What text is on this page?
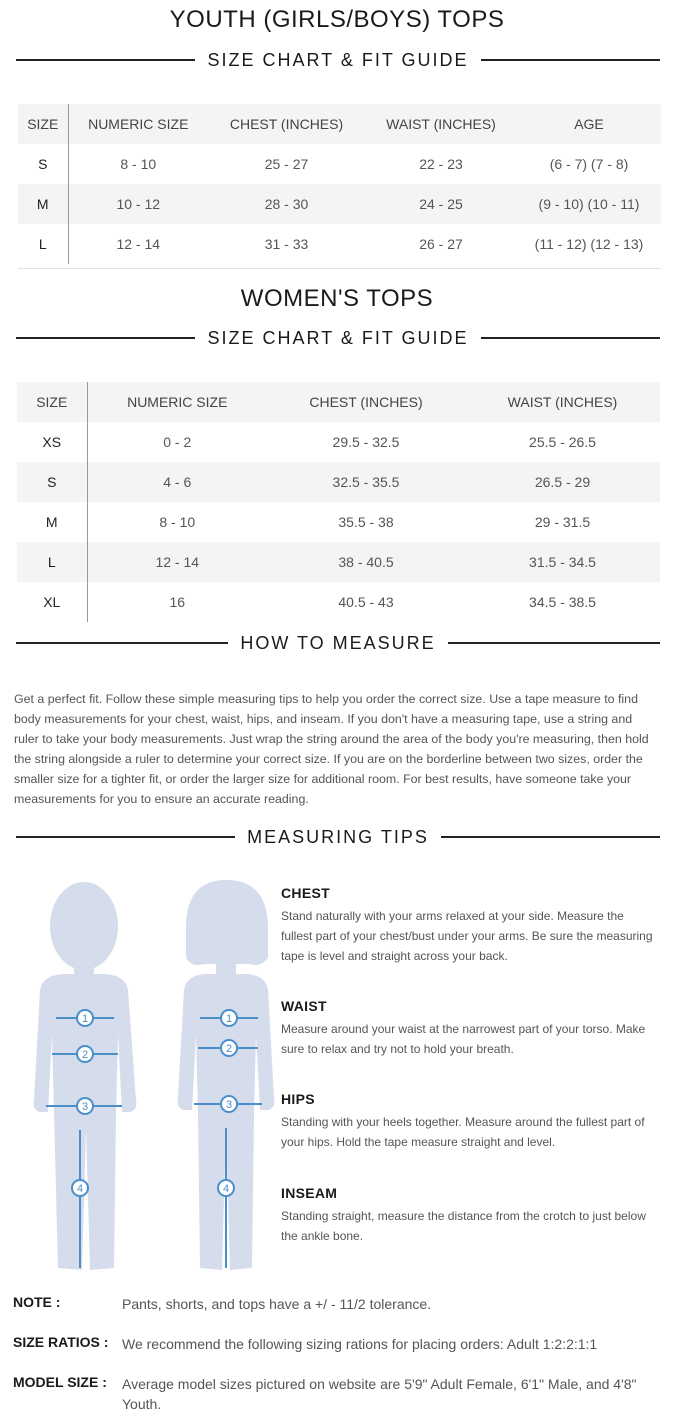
YOUTH (GIRLS/BOYS) TOPS
SIZE CHART & FIT GUIDE
SIZE	NUMERIC SIZE	CHEST (INCHES)	WAIST (INCHES)	AGE
S	8 - 10	25 - 27	22 - 23	(6 - 7) (7 - 8)
M	10 - 12	28 - 30	24 - 25	(9 - 10) (10 - 11)
L	12 - 14	31 - 33	26 - 27	(11 - 12) (12 - 13)
WOMEN'S TOPS
SIZE CHART & FIT GUIDE
SIZE	NUMERIC SIZE	CHEST (INCHES)	WAIST (INCHES)
XS	0 - 2	29.5 - 32.5	25.5 - 26.5
S	4 - 6	32.5 - 35.5	26.5 - 29
M	8 - 10	35.5 - 38	29 - 31.5
L	12 - 14	38 - 40.5	31.5 - 34.5
XL	16	40.5 - 43	34.5 - 38.5
HOW TO MEASURE
Get a perfect fit. Follow these simple measuring tips to help you order the correct size. Use a tape measure to find body measurements for your chest, waist, hips, and inseam. If you don't have a measuring tape, use a string and ruler to take your body measurements. Just wrap the string around the area of the body you're measuring, then hold the string alongside a ruler to determine your correct size. If you are on the borderline between two sizes, order the smaller size for a tighter fit, or order the larger size for additional room. For best results, have someone take your measurements for you to ensure an accurate reading.
MEASURING TIPS
1
2
3
4
1
2
3
4
CHEST
Stand naturally with your arms relaxed at your side. Measure the fullest part of your chest/bust under your arms. Be sure the measuring tape is level and straight across your back.
WAIST
Measure around your waist at the narrowest part of your torso. Make sure to relax and try not to hold your breath.
HIPS
Standing with your heels together. Measure around the fullest part of your hips. Hold the tape measure straight and level.
INSEAM
Standing straight, measure the distance from the crotch to just below the ankle bone.
NOTE :	Pants, shorts, and tops have a +/ - 11/2 tolerance.
SIZE RATIOS : We recommend the following sizing rations for placing orders: Adult 1:2:2:1:1
MODEL SIZE : Average model sizes pictured on website are 5'9" Adult Female, 6'1" Male, and 4'8" Youth.
